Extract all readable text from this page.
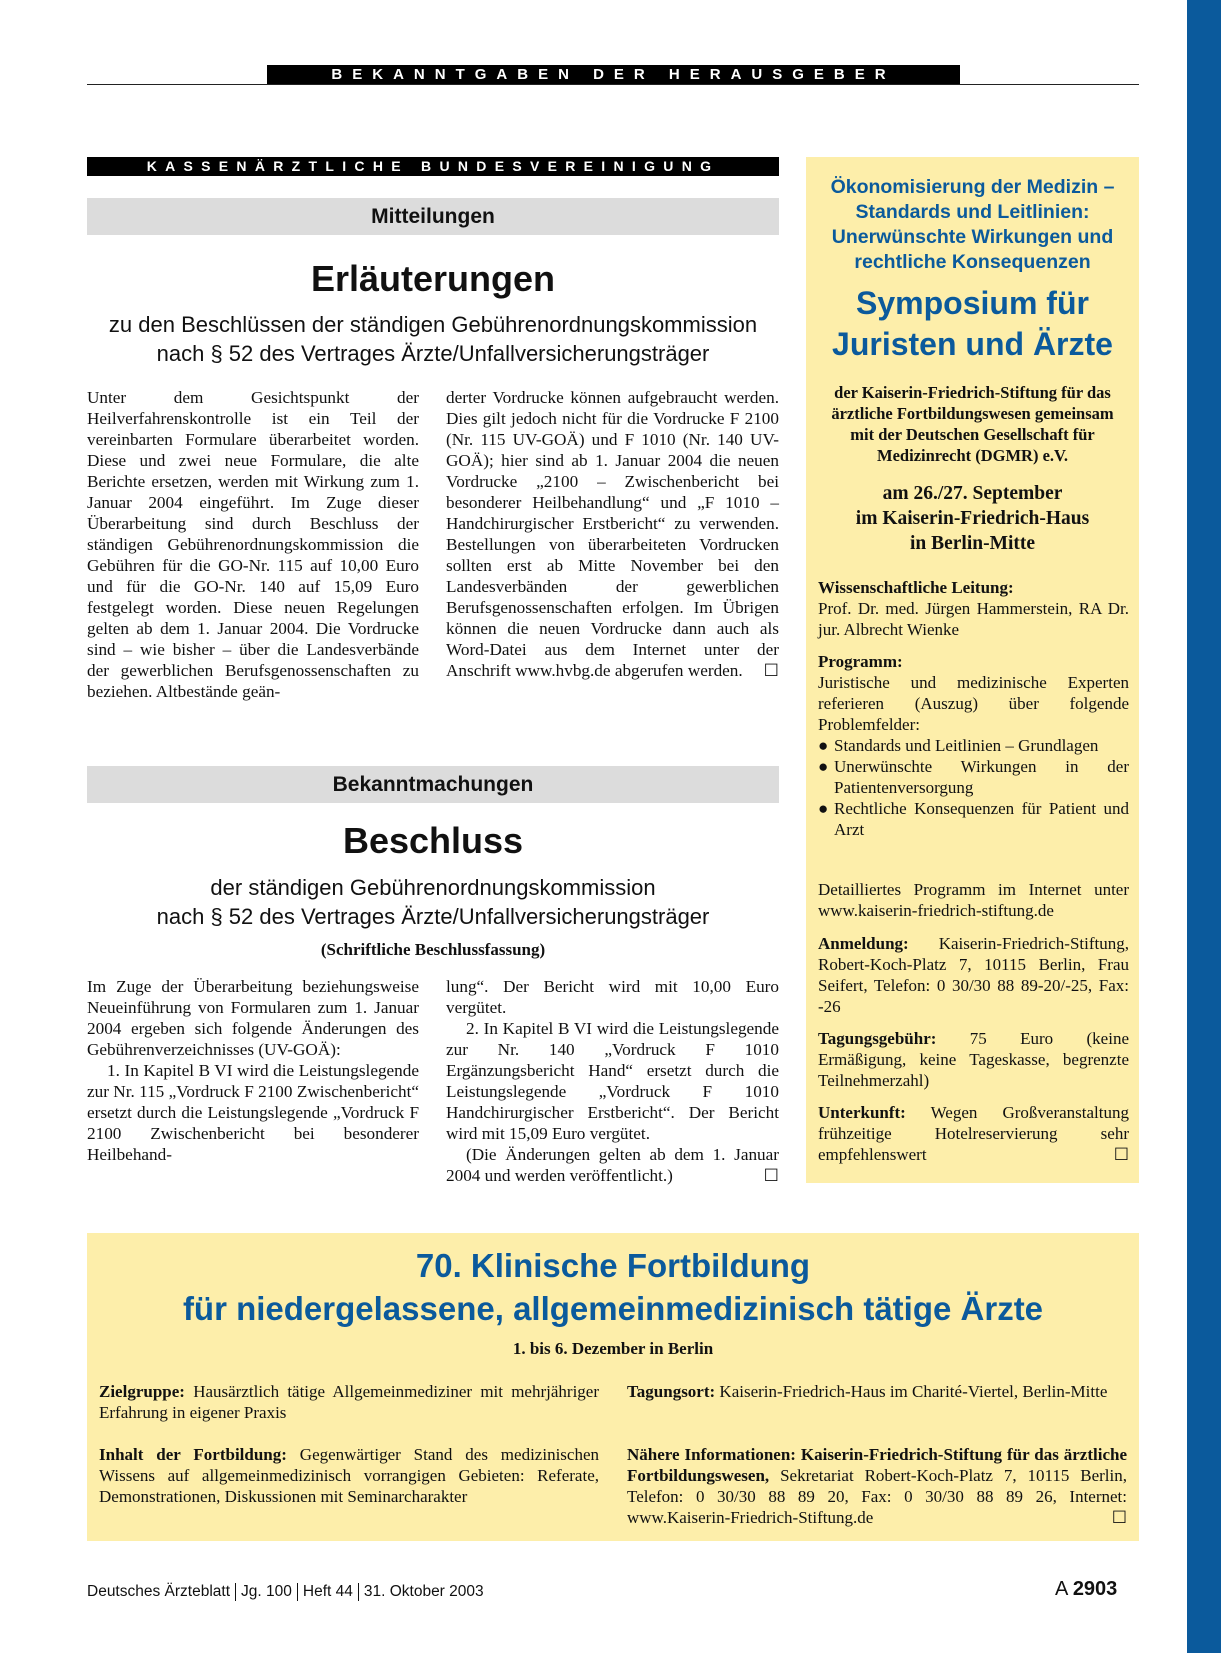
BEKANNTGABEN DER HERAUSGEBER
KASSENÄRZTLICHE BUNDESVEREINIGUNG
Mitteilungen
Erläuterungen
zu den Beschlüssen der ständigen Gebührenordnungskommission
nach § 52 des Vertrages Ärzte/Unfallversicherungsträger

Unter dem Gesichtspunkt der Heilverfahrenskontrolle ist ein Teil der vereinbarten Formulare überarbeitet worden. Diese und zwei neue Formulare, die alte Berichte ersetzen, werden mit Wirkung zum 1. Januar 2004 eingeführt. Im Zuge dieser Überarbeitung sind durch Beschluss der ständigen Gebührenordnungskommission die Gebühren für die GO-Nr. 115 auf 10,00 Euro und für die GO-Nr. 140 auf 15,09 Euro festgelegt worden. Diese neuen Regelungen gelten ab dem 1. Januar 2004. Die Vordrucke sind – wie bisher – über die Landesverbände der gewerblichen Berufsgenossenschaften zu beziehen. Altbestände geän-

derter Vordrucke können aufgebraucht werden. Dies gilt jedoch nicht für die Vordrucke F 2100 (Nr. 115 UV-GOÄ) und F 1010 (Nr. 140 UV-GOÄ); hier sind ab 1. Januar 2004 die neuen Vordrucke „2100 – Zwischenbericht bei besonderer Heilbehandlung“ und „F 1010 – Handchirurgischer Erstbericht“ zu verwenden. Bestellungen von überarbeiteten Vordrucken sollten erst ab Mitte November bei den Landesverbänden der gewerblichen Berufsgenossenschaften erfolgen. Im Übrigen können die neuen Vordrucke dann auch als Word-Datei aus dem Internet unter der Anschrift www.hvbg.de abgerufen werden. ☐

Bekanntmachungen
Beschluss
der ständigen Gebührenordnungskommission
nach § 52 des Vertrages Ärzte/Unfallversicherungsträger
(Schriftliche Beschlussfassung)

Im Zuge der Überarbeitung beziehungsweise Neueinführung von Formularen zum 1. Januar 2004 ergeben sich folgende Änderungen des Gebührenverzeichnisses (UV-GOÄ):

1. In Kapitel B VI wird die Leistungslegende zur Nr. 115 „Vordruck F 2100 Zwischenbericht“ ersetzt durch die Leistungslegende „Vordruck F 2100 Zwischenbericht bei besonderer Heilbehand-

lung“. Der Bericht wird mit 10,00 Euro vergütet.

2. In Kapitel B VI wird die Leistungslegende zur Nr. 140 „Vordruck F 1010 Ergänzungsbericht Hand“ ersetzt durch die Leistungslegende „Vordruck F 1010 Handchirurgischer Erstbericht“. Der Bericht wird mit 15,09 Euro vergütet.

(Die Änderungen gelten ab dem 1. Januar 2004 und werden veröffentlicht.)	☐

Ökonomisierung der Medizin – Standards und Leitlinien: Unerwünschte Wirkungen und rechtliche Konsequenzen
Symposium für Juristen und Ärzte
der Kaiserin-Friedrich-Stiftung für das ärztliche Fortbildungswesen gemeinsam mit der Deutschen Gesellschaft für Medizinrecht (DGMR) e.V.
am 26./27. September
im Kaiserin-Friedrich-Haus
in Berlin-Mitte
Wissenschaftliche Leitung:
Prof. Dr. med. Jürgen Hammerstein, RA Dr. jur. Albrecht Wienke
Programm:
Juristische und medizinische Experten referieren (Auszug) über folgende Problemfelder:
● Standards und Leitlinien – Grundlagen
● Unerwünschte Wirkungen in der Patientenversorgung
● Rechtliche Konsequenzen für Patient und Arzt
Detailliertes Programm im Internet unter www.kaiserin-friedrich-stiftung.de
Anmeldung: Kaiserin-Friedrich-Stiftung, Robert-Koch-Platz 7, 10115 Berlin, Frau Seifert, Telefon: 0 30/30 88 89-20/-25, Fax: -26
Tagungsgebühr: 75 Euro (keine Ermäßigung, keine Tageskasse, begrenzte Teilnehmerzahl)
Unterkunft: Wegen Großveranstaltung frühzeitige Hotelreservierung sehr empfehlenswert	☐
70. Klinische Fortbildung
für niedergelassene, allgemeinmedizinisch tätige Ärzte
1. bis 6. Dezember in Berlin
Zielgruppe: Hausärztlich tätige Allgemeinmediziner mit mehrjähriger Erfahrung in eigener Praxis
Inhalt der Fortbildung: Gegenwärtiger Stand des medizinischen Wissens auf allgemeinmedizinisch vorrangigen Gebieten: Referate, Demonstrationen, Diskussionen mit Seminarcharakter
Tagungsort: Kaiserin-Friedrich-Haus im Charité-Viertel, Berlin-Mitte
Nähere Informationen: Kaiserin-Friedrich-Stiftung für das ärztliche Fortbildungswesen, Sekretariat Robert-Koch-Platz 7, 10115 Berlin, Telefon: 0 30/30 88 89 20, Fax: 0 30/30 88 89 26, Internet: www.Kaiserin-Friedrich-Stiftung.de	☐
Deutsches Ärzteblatt Jg. 100 Heft 44 31. Oktober 2003	A 2903
